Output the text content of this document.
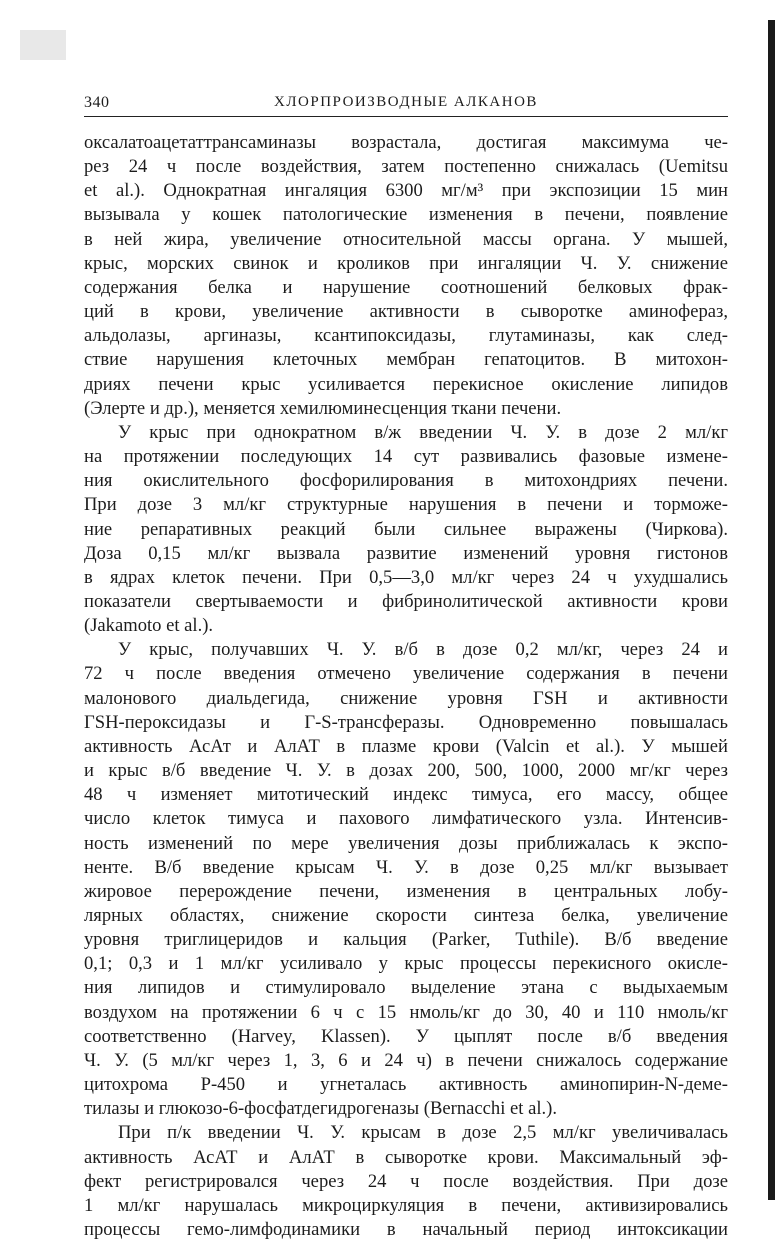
340	ХЛОРПРОИЗВОДНЫЕ АЛКАНОВ
оксалатоацетаттрансаминазы возрастала, достигая максимума че-
рез 24 ч после воздействия, затем постепенно снижалась (Uemitsu
et al.). Однократная ингаляция 6300 мг/м³ при экспозиции 15 мин
вызывала у кошек патологические изменения в печени, появление
в ней жира, увеличение относительной массы органа. У мышей,
крыс, морских свинок и кроликов при ингаляции Ч. У. снижение
содержания белка и нарушение соотношений белковых фрак-
ций в крови, увеличение активности в сыворотке аминофераз,
альдолазы, аргиназы, ксантипоксидазы, глутаминазы, как след-
ствие нарушения клеточных мембран гепатоцитов. В митохон-
дриях печени крыс усиливается перекисное окисление липидов
(Элерте и др.), меняется хемилюминесценция ткани печени.
У крыс при однократном в/ж введении Ч. У. в дозе 2 мл/кг
на протяжении последующих 14 сут развивались фазовые измене-
ния окислительного фосфорилирования в митохондриях печени.
При дозе 3 мл/кг структурные нарушения в печени и торможе-
ние репаративных реакций были сильнее выражены (Чиркова).
Доза 0,15 мл/кг вызвала развитие изменений уровня гистонов
в ядрах клеток печени. При 0,5—3,0 мл/кг через 24 ч ухудшались
показатели свертываемости и фибринолитической активности крови
(Jakamoto et al.).
У крыс, получавших Ч. У. в/б в дозе 0,2 мл/кг, через 24 и
72 ч после введения отмечено увеличение содержания в печени
малонового диальдегида, снижение уровня ГSH и активности
ГSH-пероксидазы и Г-S-трансферазы. Одновременно повышалась
активность АсАт и АлАТ в плазме крови (Valcin et al.). У мышей
и крыс в/б введение Ч. У. в дозах 200, 500, 1000, 2000 мг/кг через
48 ч изменяет митотический индекс тимуса, его массу, общее
число клеток тимуса и пахового лимфатического узла. Интенсив-
ность изменений по мере увеличения дозы приближалась к экспо-
ненте. В/б введение крысам Ч. У. в дозе 0,25 мл/кг вызывает
жировое перерождение печени, изменения в центральных лобу-
лярных областях, снижение скорости синтеза белка, увеличение
уровня триглицеридов и кальция (Parker, Tuthile). В/б введение
0,1; 0,3 и 1 мл/кг усиливало у крыс процессы перекисного окисле-
ния липидов и стимулировало выделение этана с выдыхаемым
воздухом на протяжении 6 ч с 15 нмоль/кг до 30, 40 и 110 нмоль/кг
соответственно (Harvey, Klassen). У цыплят после в/б введения
Ч. У. (5 мл/кг через 1, 3, 6 и 24 ч) в печени снижалось содержание
цитохрома Р-450 и угнеталась активность аминопирин-N-деме-
тилазы и глюкозо-6-фосфатдегидрогеназы (Bernacchi et al.).
При п/к введении Ч. У. крысам в дозе 2,5 мл/кг увеличивалась
активность АсАТ и АлАТ в сыворотке крови. Максимальный эф-
фект регистрировался через 24 ч после воздействия. При дозе
1 мл/кг нарушалась микроциркуляция в печени, активизировались
процессы гемо-лимфодинамики в начальный период интоксикации
